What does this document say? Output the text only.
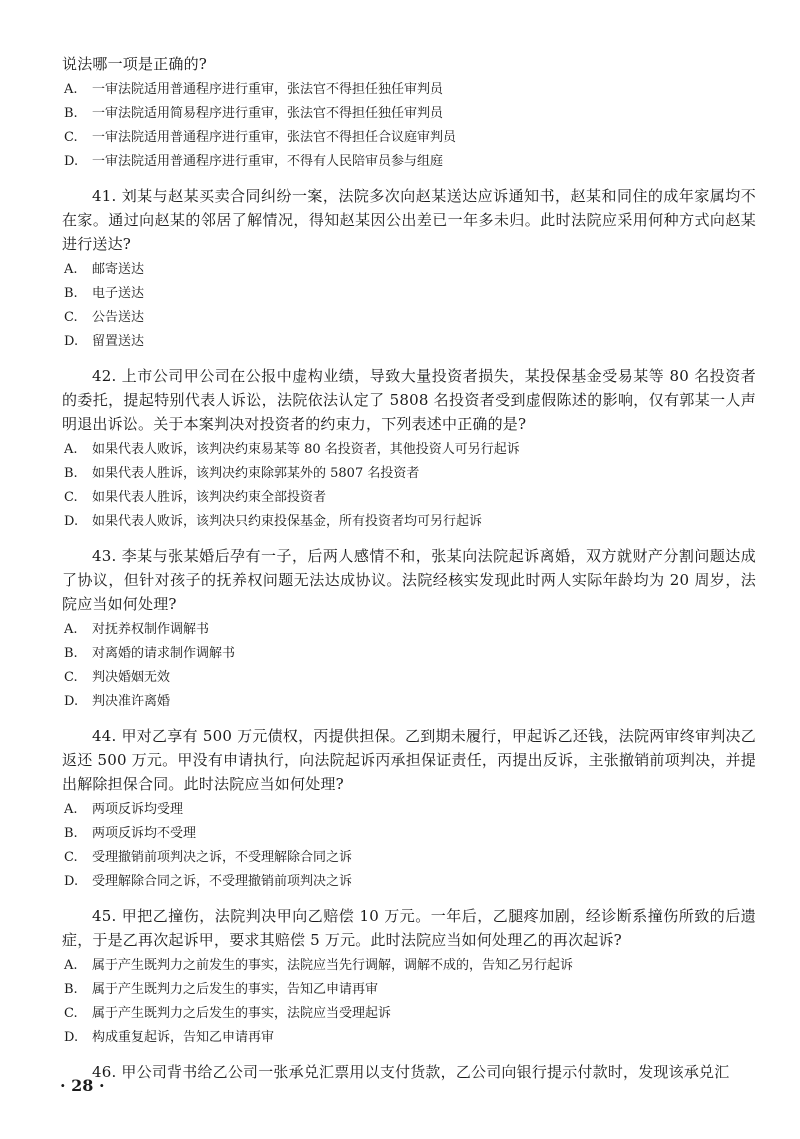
说法哪一项是正确的?

A. 一审法院适用普通程序进行重审，张法官不得担任独任审判员
B. 一审法院适用简易程序进行重审，张法官不得担任独任审判员
C. 一审法院适用普通程序进行重审，张法官不得担任合议庭审判员
D. 一审法院适用普通程序进行重审，不得有人民陪审员参与组庭

41. 刘某与赵某买卖合同纠纷一案，法院多次向赵某送达应诉通知书，赵某和同住的成年家属均不在家。通过向赵某的邻居了解情况，得知赵某因公出差已一年多未归。此时法院应采用何种方式向赵某进行送达?

A. 邮寄送达
B. 电子送达
C. 公告送达
D. 留置送达

42. 上市公司甲公司在公报中虚构业绩，导致大量投资者损失，某投保基金受易某等 80 名投资者的委托，提起特别代表人诉讼，法院依法认定了 5808 名投资者受到虚假陈述的影响，仅有郭某一人声明退出诉讼。关于本案判决对投资者的约束力，下列表述中正确的是?

A. 如果代表人败诉，该判决约束易某等 80 名投资者，其他投资人可另行起诉
B. 如果代表人胜诉，该判决约束除郭某外的 5807 名投资者
C. 如果代表人胜诉，该判决约束全部投资者
D. 如果代表人败诉，该判决只约束投保基金，所有投资者均可另行起诉

43. 李某与张某婚后孕有一子，后两人感情不和，张某向法院起诉离婚，双方就财产分割问题达成了协议，但针对孩子的抚养权问题无法达成协议。法院经核实发现此时两人实际年龄均为 20 周岁，法院应当如何处理?

A. 对抚养权制作调解书
B. 对离婚的请求制作调解书
C. 判决婚姻无效
D. 判决准许离婚

44. 甲对乙享有 500 万元债权，丙提供担保。乙到期未履行，甲起诉乙还钱，法院两审终审判决乙返还 500 万元。甲没有申请执行，向法院起诉丙承担保证责任，丙提出反诉，主张撤销前项判决，并提出解除担保合同。此时法院应当如何处理?

A. 两项反诉均受理
B. 两项反诉均不受理
C. 受理撤销前项判决之诉，不受理解除合同之诉
D. 受理解除合同之诉，不受理撤销前项判决之诉

45. 甲把乙撞伤，法院判决甲向乙赔偿 10 万元。一年后，乙腿疼加剧，经诊断系撞伤所致的后遗症，于是乙再次起诉甲，要求其赔偿 5 万元。此时法院应当如何处理乙的再次起诉?

A. 属于产生既判力之前发生的事实，法院应当先行调解，调解不成的，告知乙另行起诉
B. 属于产生既判力之后发生的事实，告知乙申请再审
C. 属于产生既判力之后发生的事实，法院应当受理起诉
D. 构成重复起诉，告知乙申请再审

46. 甲公司背书给乙公司一张承兑汇票用以支付货款，乙公司向银行提示付款时，发现该承兑汇

· 28 ·
